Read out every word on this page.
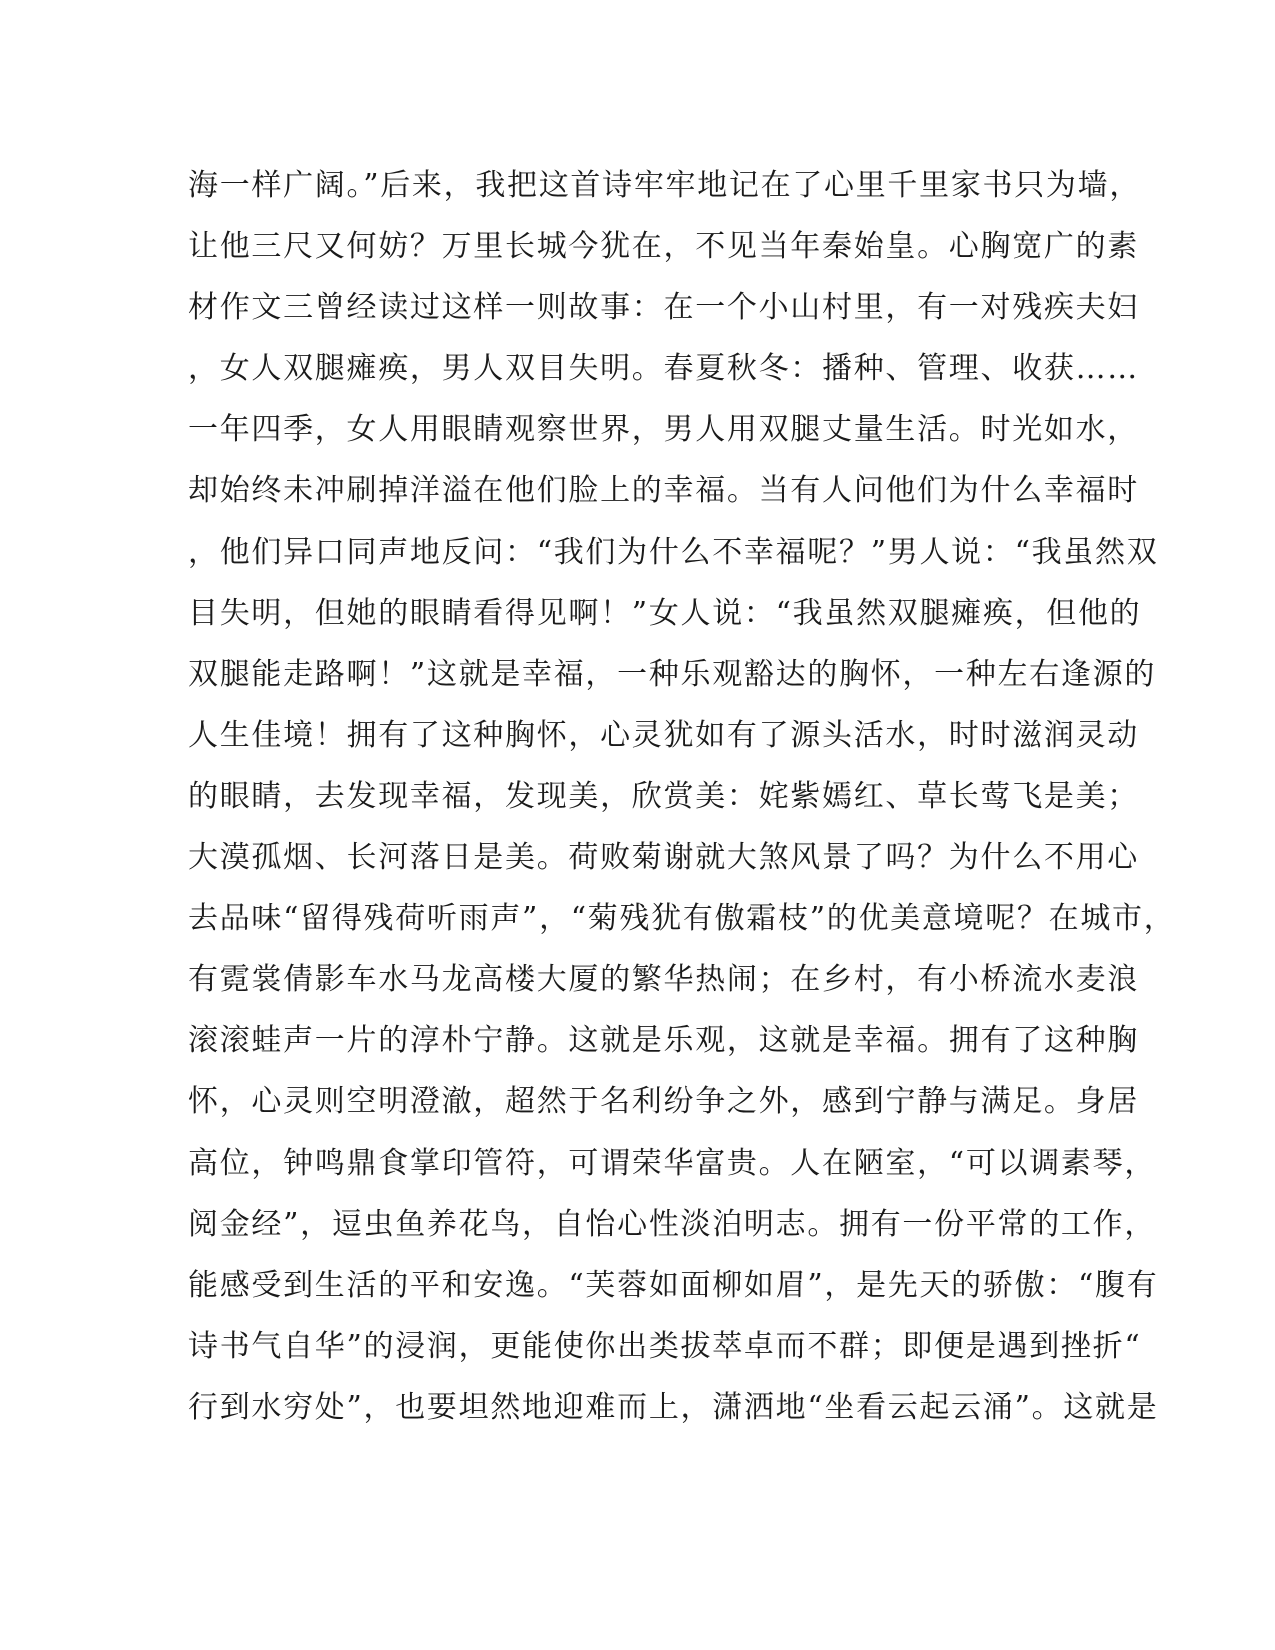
海一样广阔。”后来，我把这首诗牢牢地记在了心里千里家书只为墙，
让他三尺又何妨？万里长城今犹在，不见当年秦始皇。心胸宽广的素
材作文三曾经读过这样一则故事：在一个小山村里，有一对残疾夫妇
，女人双腿瘫痪，男人双目失明。春夏秋冬：播种、管理、收获……
一年四季，女人用眼睛观察世界，男人用双腿丈量生活。时光如水，
却始终未冲刷掉洋溢在他们脸上的幸福。当有人问他们为什么幸福时
，他们异口同声地反问：“我们为什么不幸福呢？”男人说：“我虽然双
目失明，但她的眼睛看得见啊！”女人说：“我虽然双腿瘫痪，但他的
双腿能走路啊！”这就是幸福，一种乐观豁达的胸怀，一种左右逢源的
人生佳境！拥有了这种胸怀，心灵犹如有了源头活水，时时滋润灵动
的眼睛，去发现幸福，发现美，欣赏美：姹紫嫣红、草长莺飞是美；
大漠孤烟、长河落日是美。荷败菊谢就大煞风景了吗？为什么不用心
去品味“留得残荷听雨声”，“菊残犹有傲霜枝”的优美意境呢？在城市，
有霓裳倩影车水马龙高楼大厦的繁华热闹；在乡村，有小桥流水麦浪
滚滚蛙声一片的淳朴宁静。这就是乐观，这就是幸福。拥有了这种胸
怀，心灵则空明澄澈，超然于名利纷争之外，感到宁静与满足。身居
高位，钟鸣鼎食掌印管符，可谓荣华富贵。人在陋室，“可以调素琴，
阅金经”，逗虫鱼养花鸟，自怡心性淡泊明志。拥有一份平常的工作，
能感受到生活的平和安逸。“芙蓉如面柳如眉”，是先天的骄傲：“腹有
诗书气自华”的浸润，更能使你出类拔萃卓而不群；即便是遇到挫折“
行到水穷处”，也要坦然地迎难而上，潇洒地“坐看云起云涌”。这就是
